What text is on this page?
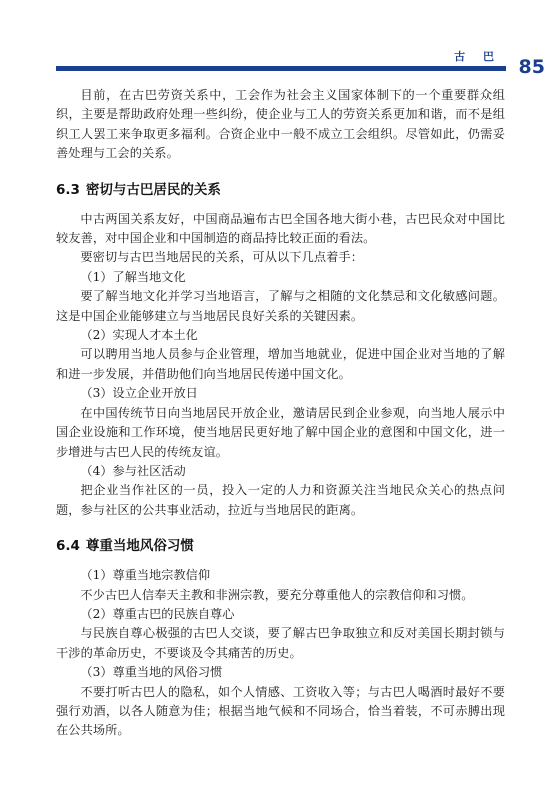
古 巴 85

目前，在古巴劳资关系中，工会作为社会主义国家体制下的一个重要群众组织，主要是帮助政府处理一些纠纷，使企业与工人的劳资关系更加和谐，而不是组织工人罢工来争取更多福利。合资企业中一般不成立工会组织。尽管如此，仍需妥善处理与工会的关系。

6.3 密切与古巴居民的关系

中古两国关系友好，中国商品遍布古巴全国各地大街小巷，古巴民众对中国比较友善，对中国企业和中国制造的商品持比较正面的看法。

要密切与古巴当地居民的关系，可从以下几点着手：

（1）了解当地文化

要了解当地文化并学习当地语言，了解与之相随的文化禁忌和文化敏感问题。这是中国企业能够建立与当地居民良好关系的关键因素。

（2）实现人才本土化

可以聘用当地人员参与企业管理，增加当地就业，促进中国企业对当地的了解和进一步发展，并借助他们向当地居民传递中国文化。

（3）设立企业开放日

在中国传统节日向当地居民开放企业，邀请居民到企业参观，向当地人展示中国企业设施和工作环境，使当地居民更好地了解中国企业的意图和中国文化，进一步增进与古巴人民的传统友谊。

（4）参与社区活动

把企业当作社区的一员，投入一定的人力和资源关注当地民众关心的热点问题，参与社区的公共事业活动，拉近与当地居民的距离。

6.4 尊重当地风俗习惯

（1）尊重当地宗教信仰

不少古巴人信奉天主教和非洲宗教，要充分尊重他人的宗教信仰和习惯。

（2）尊重古巴的民族自尊心

与民族自尊心极强的古巴人交谈，要了解古巴争取独立和反对美国长期封锁与干涉的革命历史，不要谈及令其痛苦的历史。

（3）尊重当地的风俗习惯

不要打听古巴人的隐私，如个人情感、工资收入等；与古巴人喝酒时最好不要强行劝酒，以各人随意为佳；根据当地气候和不同场合，恰当着装，不可赤膊出现在公共场所。
